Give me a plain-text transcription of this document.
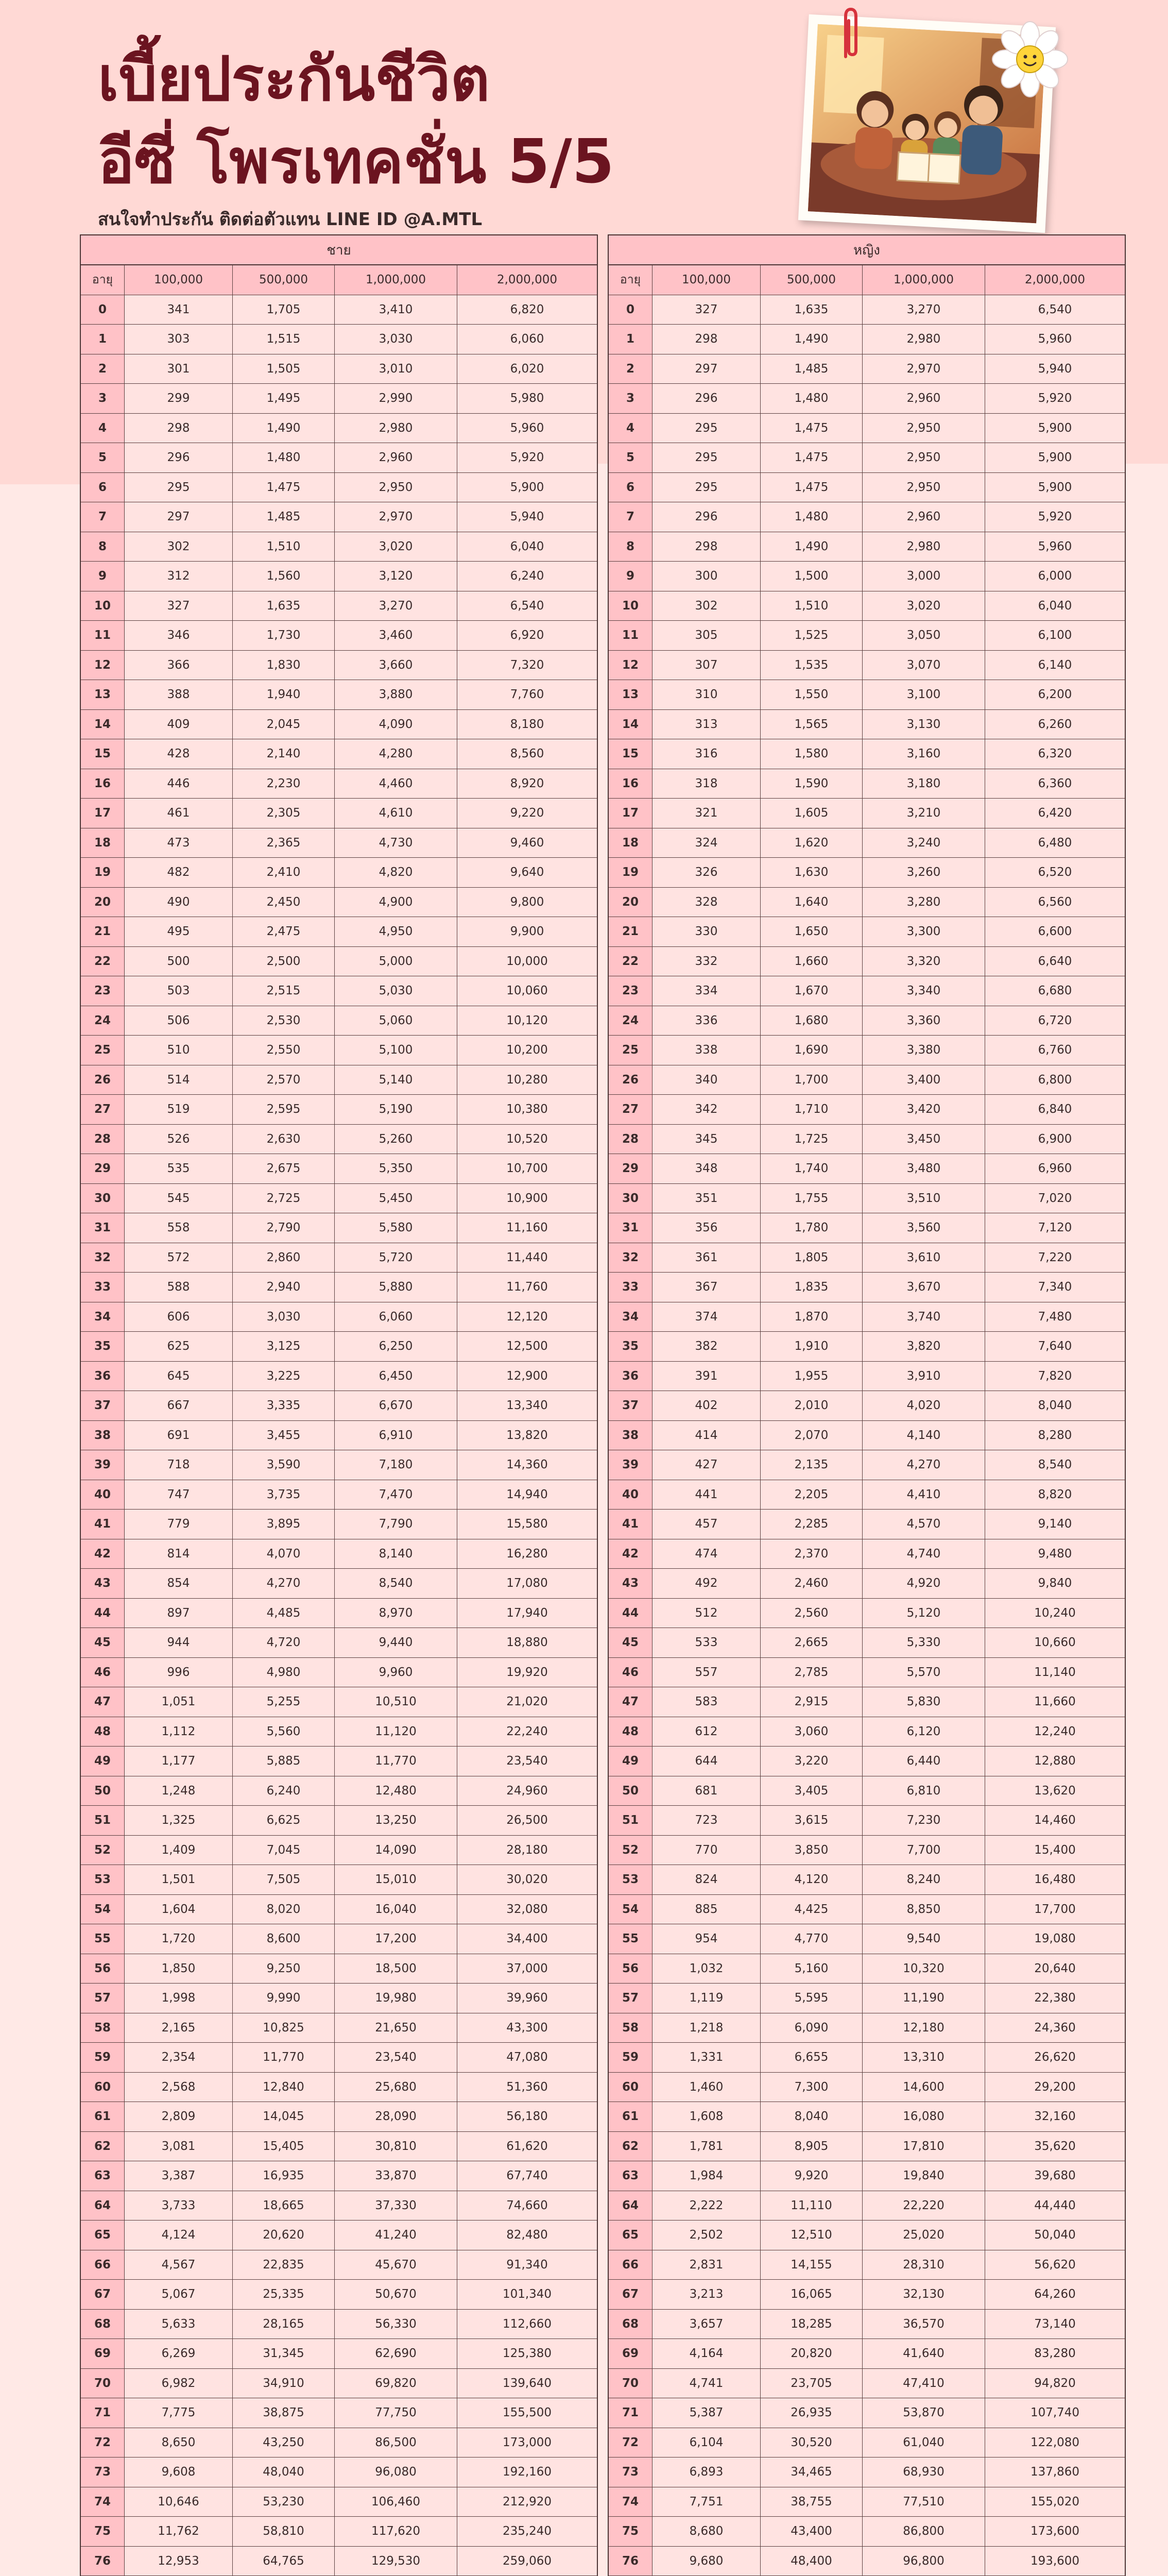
เบี้ยประกันชีวิต
อีซี่ โพรเทคชั่น 5/5
สนใจทำประกัน ติดต่อตัวแทน LINE ID @A.MTL
ชาย
อายุ	100,000	500,000	1,000,000	2,000,000
0	341	1,705	3,410	6,820
1	303	1,515	3,030	6,060
2	301	1,505	3,010	6,020
3	299	1,495	2,990	5,980
4	298	1,490	2,980	5,960
5	296	1,480	2,960	5,920
6	295	1,475	2,950	5,900
7	297	1,485	2,970	5,940
8	302	1,510	3,020	6,040
9	312	1,560	3,120	6,240
10	327	1,635	3,270	6,540
11	346	1,730	3,460	6,920
12	366	1,830	3,660	7,320
13	388	1,940	3,880	7,760
14	409	2,045	4,090	8,180
15	428	2,140	4,280	8,560
16	446	2,230	4,460	8,920
17	461	2,305	4,610	9,220
18	473	2,365	4,730	9,460
19	482	2,410	4,820	9,640
20	490	2,450	4,900	9,800
21	495	2,475	4,950	9,900
22	500	2,500	5,000	10,000
23	503	2,515	5,030	10,060
24	506	2,530	5,060	10,120
25	510	2,550	5,100	10,200
26	514	2,570	5,140	10,280
27	519	2,595	5,190	10,380
28	526	2,630	5,260	10,520
29	535	2,675	5,350	10,700
30	545	2,725	5,450	10,900
31	558	2,790	5,580	11,160
32	572	2,860	5,720	11,440
33	588	2,940	5,880	11,760
34	606	3,030	6,060	12,120
35	625	3,125	6,250	12,500
36	645	3,225	6,450	12,900
37	667	3,335	6,670	13,340
38	691	3,455	6,910	13,820
39	718	3,590	7,180	14,360
40	747	3,735	7,470	14,940
41	779	3,895	7,790	15,580
42	814	4,070	8,140	16,280
43	854	4,270	8,540	17,080
44	897	4,485	8,970	17,940
45	944	4,720	9,440	18,880
46	996	4,980	9,960	19,920
47	1,051	5,255	10,510	21,020
48	1,112	5,560	11,120	22,240
49	1,177	5,885	11,770	23,540
50	1,248	6,240	12,480	24,960
51	1,325	6,625	13,250	26,500
52	1,409	7,045	14,090	28,180
53	1,501	7,505	15,010	30,020
54	1,604	8,020	16,040	32,080
55	1,720	8,600	17,200	34,400
56	1,850	9,250	18,500	37,000
57	1,998	9,990	19,980	39,960
58	2,165	10,825	21,650	43,300
59	2,354	11,770	23,540	47,080
60	2,568	12,840	25,680	51,360
61	2,809	14,045	28,090	56,180
62	3,081	15,405	30,810	61,620
63	3,387	16,935	33,870	67,740
64	3,733	18,665	37,330	74,660
65	4,124	20,620	41,240	82,480
66	4,567	22,835	45,670	91,340
67	5,067	25,335	50,670	101,340
68	5,633	28,165	56,330	112,660
69	6,269	31,345	62,690	125,380
70	6,982	34,910	69,820	139,640
71	7,775	38,875	77,750	155,500
72	8,650	43,250	86,500	173,000
73	9,608	48,040	96,080	192,160
74	10,646	53,230	106,460	212,920
75	11,762	58,810	117,620	235,240
76	12,953	64,765	129,530	259,060
หญิง
อายุ	100,000	500,000	1,000,000	2,000,000
0	327	1,635	3,270	6,540
1	298	1,490	2,980	5,960
2	297	1,485	2,970	5,940
3	296	1,480	2,960	5,920
4	295	1,475	2,950	5,900
5	295	1,475	2,950	5,900
6	295	1,475	2,950	5,900
7	296	1,480	2,960	5,920
8	298	1,490	2,980	5,960
9	300	1,500	3,000	6,000
10	302	1,510	3,020	6,040
11	305	1,525	3,050	6,100
12	307	1,535	3,070	6,140
13	310	1,550	3,100	6,200
14	313	1,565	3,130	6,260
15	316	1,580	3,160	6,320
16	318	1,590	3,180	6,360
17	321	1,605	3,210	6,420
18	324	1,620	3,240	6,480
19	326	1,630	3,260	6,520
20	328	1,640	3,280	6,560
21	330	1,650	3,300	6,600
22	332	1,660	3,320	6,640
23	334	1,670	3,340	6,680
24	336	1,680	3,360	6,720
25	338	1,690	3,380	6,760
26	340	1,700	3,400	6,800
27	342	1,710	3,420	6,840
28	345	1,725	3,450	6,900
29	348	1,740	3,480	6,960
30	351	1,755	3,510	7,020
31	356	1,780	3,560	7,120
32	361	1,805	3,610	7,220
33	367	1,835	3,670	7,340
34	374	1,870	3,740	7,480
35	382	1,910	3,820	7,640
36	391	1,955	3,910	7,820
37	402	2,010	4,020	8,040
38	414	2,070	4,140	8,280
39	427	2,135	4,270	8,540
40	441	2,205	4,410	8,820
41	457	2,285	4,570	9,140
42	474	2,370	4,740	9,480
43	492	2,460	4,920	9,840
44	512	2,560	5,120	10,240
45	533	2,665	5,330	10,660
46	557	2,785	5,570	11,140
47	583	2,915	5,830	11,660
48	612	3,060	6,120	12,240
49	644	3,220	6,440	12,880
50	681	3,405	6,810	13,620
51	723	3,615	7,230	14,460
52	770	3,850	7,700	15,400
53	824	4,120	8,240	16,480
54	885	4,425	8,850	17,700
55	954	4,770	9,540	19,080
56	1,032	5,160	10,320	20,640
57	1,119	5,595	11,190	22,380
58	1,218	6,090	12,180	24,360
59	1,331	6,655	13,310	26,620
60	1,460	7,300	14,600	29,200
61	1,608	8,040	16,080	32,160
62	1,781	8,905	17,810	35,620
63	1,984	9,920	19,840	39,680
64	2,222	11,110	22,220	44,440
65	2,502	12,510	25,020	50,040
66	2,831	14,155	28,310	56,620
67	3,213	16,065	32,130	64,260
68	3,657	18,285	36,570	73,140
69	4,164	20,820	41,640	83,280
70	4,741	23,705	47,410	94,820
71	5,387	26,935	53,870	107,740
72	6,104	30,520	61,040	122,080
73	6,893	34,465	68,930	137,860
74	7,751	38,755	77,510	155,020
75	8,680	43,400	86,800	173,600
76	9,680	48,400	96,800	193,600
